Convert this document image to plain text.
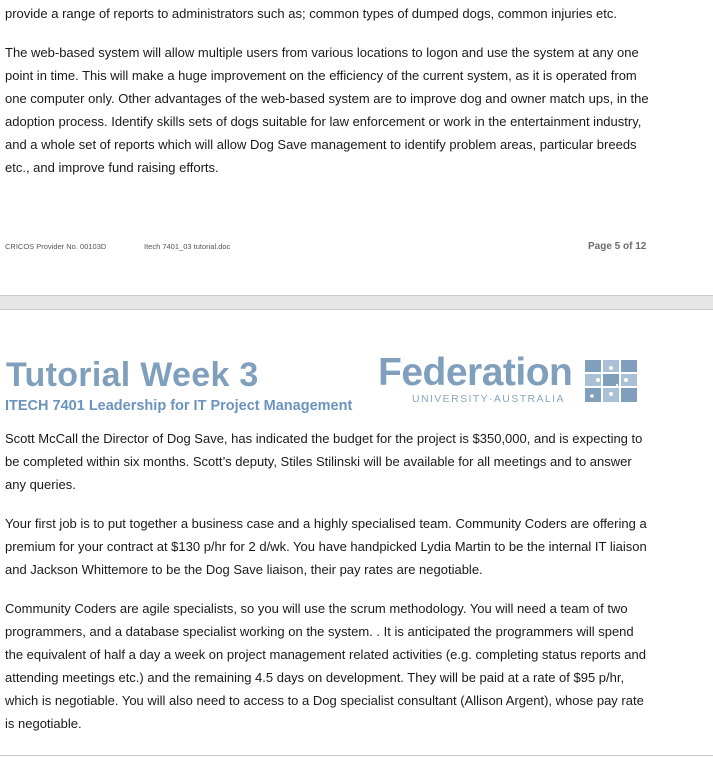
provide a range of reports to administrators such as; common types of dumped dogs, common injuries etc.

The web-based system will allow multiple users from various locations to logon and use the system at any one point in time. This will make a huge improvement on the efficiency of the current system, as it is operated from one computer only. Other advantages of the web-based system are to improve dog and owner match ups, in the adoption process. Identify skills sets of dogs suitable for law enforcement or work in the entertainment industry, and a whole set of reports which will allow Dog Save management to identify problem areas, particular breeds etc., and improve fund raising efforts.

CRICOS Provider No. 00103D	Itech 7401_03 tutorial.doc	Page 5 of 12
Tutorial Week 3
ITECH 7401 Leadership for IT Project Management
Federation
UNIVERSITY·AUSTRALIA

Scott McCall the Director of Dog Save, has indicated the budget for the project is $350,000, and is expecting to be completed within six months. Scott’s deputy, Stiles Stilinski will be available for all meetings and to answer any queries.

Your first job is to put together a business case and a highly specialised team. Community Coders are offering a premium for your contract at $130 p/hr for 2 d/wk. You have handpicked Lydia Martin to be the internal IT liaison and Jackson Whittemore to be the Dog Save liaison, their pay rates are negotiable.

Community Coders are agile specialists, so you will use the scrum methodology. You will need a team of two programmers, and a database specialist working on the system. . It is anticipated the programmers will spend the equivalent of half a day a week on project management related activities (e.g. completing status reports and attending meetings etc.) and the remaining 4.5 days on development. They will be paid at a rate of $95 p/hr, which is negotiable. You will also need to access to a Dog specialist consultant (Allison Argent), whose pay rate is negotiable.
